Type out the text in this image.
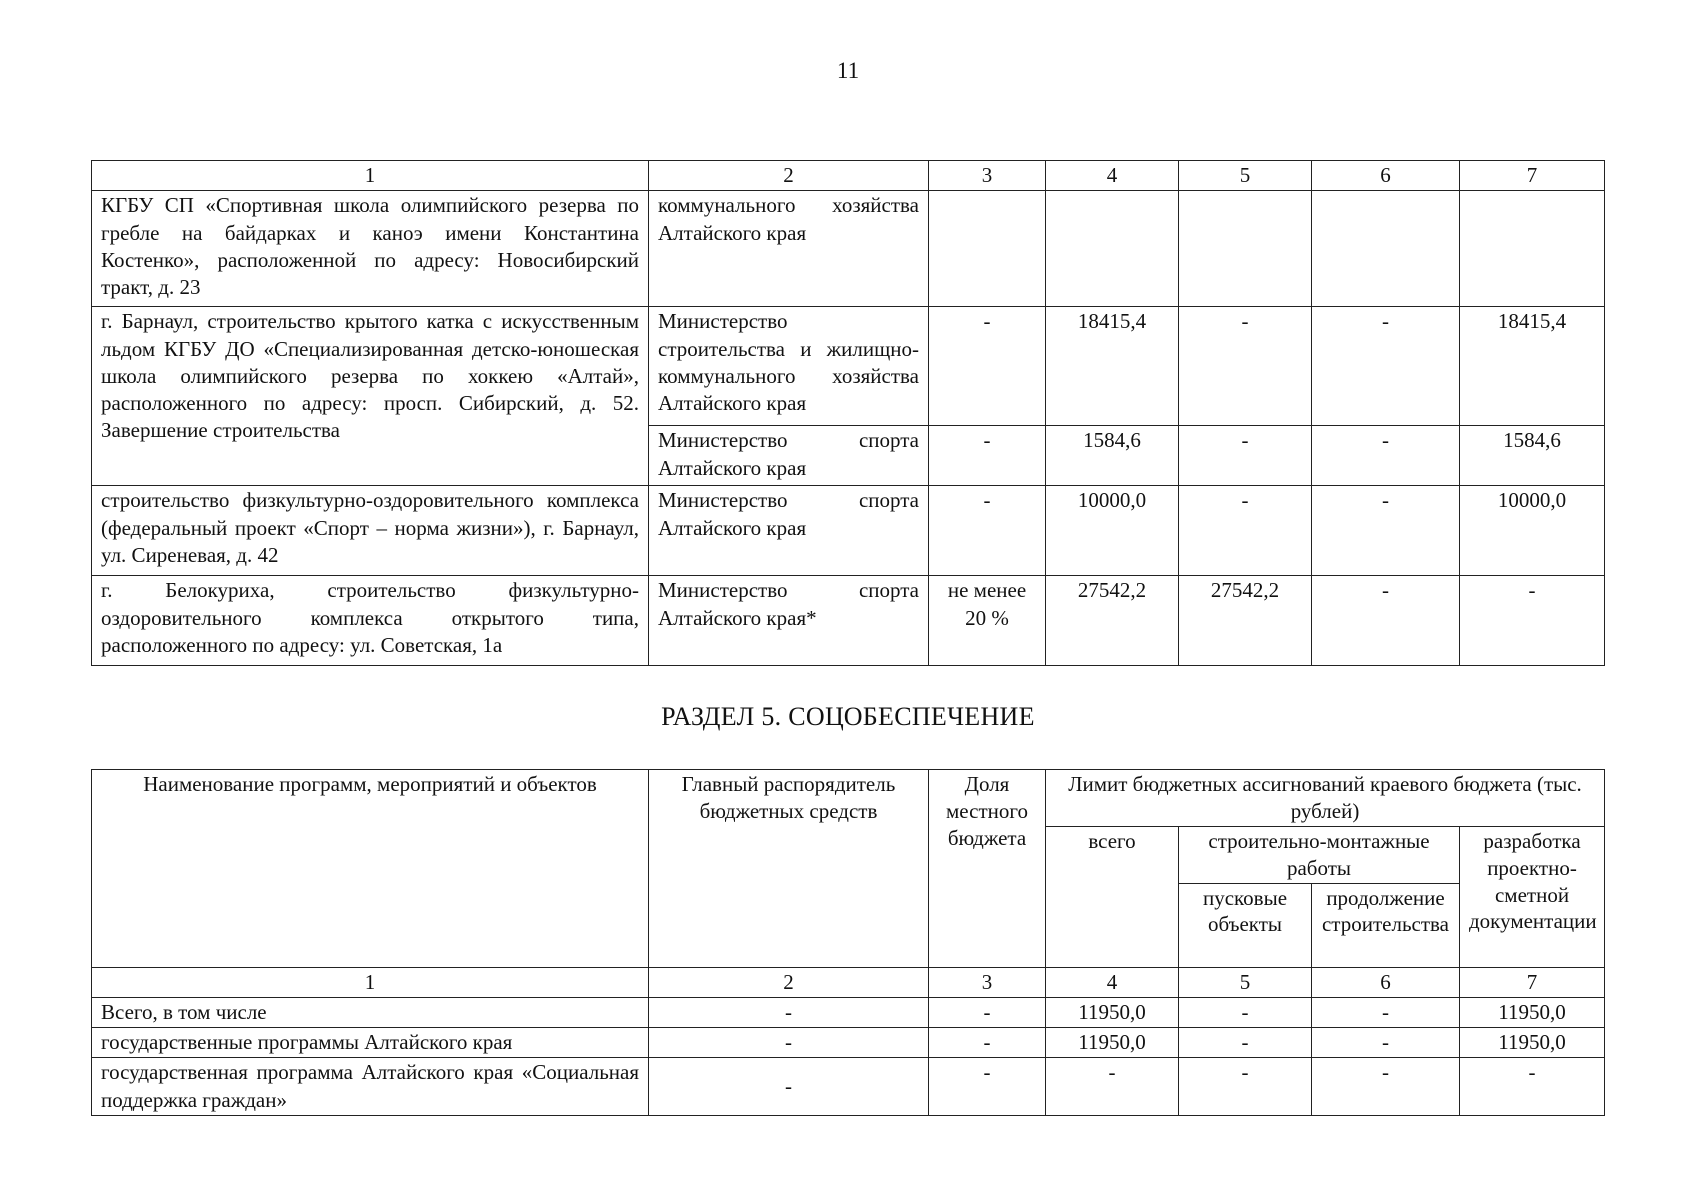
11
1	2	3	4	5	6	7
КГБУ СП «Спортивная школа олимпийского резерва по гребле на байдарках и каноэ имени Константина Костенко», расположенной по адресу: Новосибирский тракт, д. 23	коммунального хозяйства Алтайского края					
г. Барнаул, строительство крытого катка с искусственным льдом КГБУ ДО «Специализированная детско-юношеская школа олимпийского резерва по хоккею «Алтай», расположенного по адресу: просп. Сибирский, д. 52. Завершение строительства	Министерство строительства и жилищно-коммунального хозяйства Алтайского края	-	18415,4	-	-	18415,4
	Министерство спорта Алтайского края	-	1584,6	-	-	1584,6
строительство физкультурно-оздоровительного комплекса (федеральный проект «Спорт – норма жизни»), г. Барнаул, ул. Сиреневая, д. 42	Министерство спорта Алтайского края	-	10000,0	-	-	10000,0
г. Белокуриха, строительство физкультурно-оздоровительного комплекса открытого типа, расположенного по адресу: ул. Советская, 1а	Министерство спорта Алтайского края*	не менее 20 %	27542,2	27542,2	-	-
РАЗДЕЛ 5. СОЦОБЕСПЕЧЕНИЕ
Наименование программ, мероприятий и объектов	Главный распорядитель бюджетных средств	Доля местного бюджета	Лимит бюджетных ассигнований краевого бюджета (тыс. рублей)			
			всего	строительно-монтажные работы		разработка проектно-сметной документации
				пусковые объекты	продолжение строительства	

1	2	3	4	5	6	7
Всего, в том числе	-	-	11950,0	-	-	11950,0
государственные программы Алтайского края	-	-	11950,0	-	-	11950,0
государственная программа Алтайского края «Социальная поддержка граждан»	-	-	-	-	-	-
